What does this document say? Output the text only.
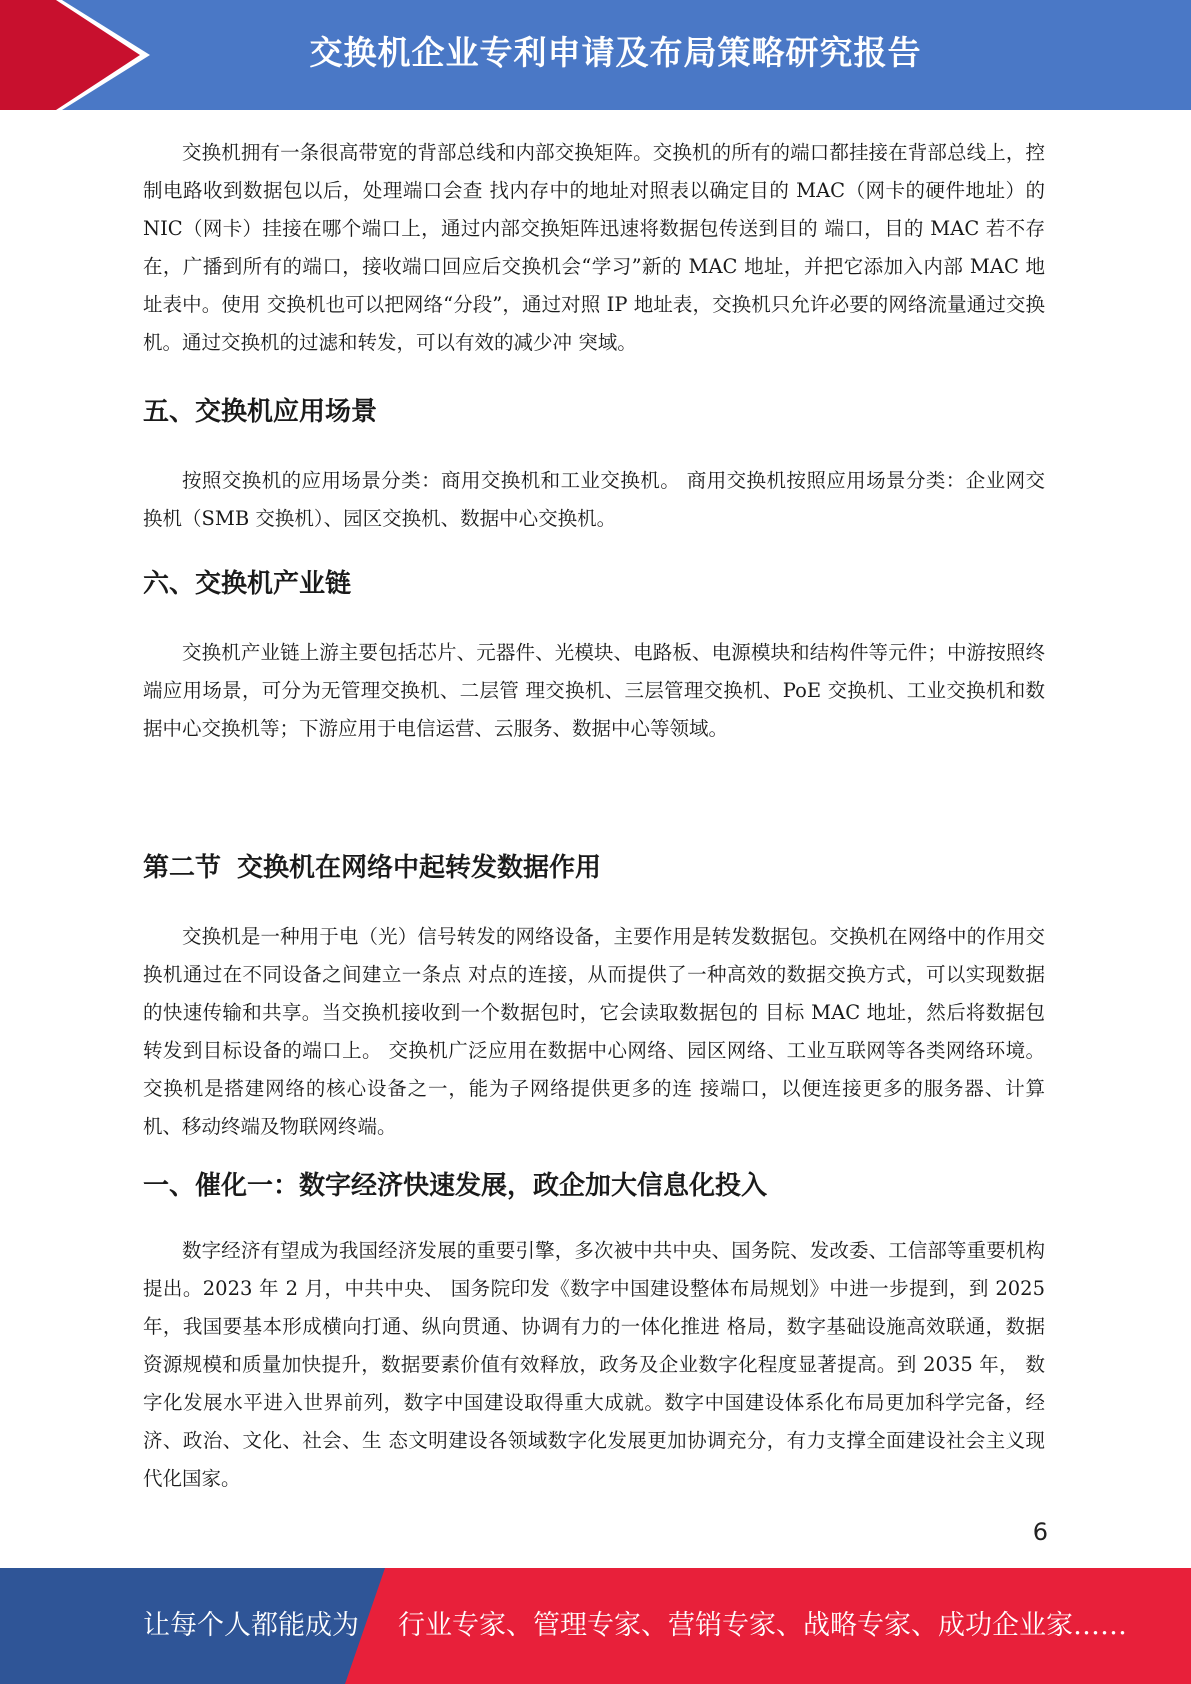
交换机企业专利申请及布局策略研究报告

交换机拥有一条很高带宽的背部总线和内部交换矩阵。交换机的所有的端口都挂接在背部总线上，控制电路收到数据包以后，处理端口会查 找内存中的地址对照表以确定目的 MAC（网卡的硬件地址）的 NIC（网卡）挂接在哪个端口上，通过内部交换矩阵迅速将数据包传送到目的 端口，目的 MAC 若不存在，广播到所有的端口，接收端口回应后交换机会“学习”新的 MAC 地址，并把它添加入内部 MAC 地址表中。使用 交换机也可以把网络“分段”，通过对照 IP 地址表，交换机只允许必要的网络流量通过交换机。通过交换机的过滤和转发，可以有效的减少冲 突域。

五、交换机应用场景

按照交换机的应用场景分类：商用交换机和工业交换机。 商用交换机按照应用场景分类：企业网交换机（SMB 交换机）、园区交换机、数据中心交换机。

六、交换机产业链

交换机产业链上游主要包括芯片、元器件、光模块、电路板、电源模块和结构件等元件；中游按照终端应用场景，可分为无管理交换机、二层管 理交换机、三层管理交换机、PoE 交换机、工业交换机和数据中心交换机等；下游应用于电信运营、云服务、数据中心等领域。

第二节 交换机在网络中起转发数据作用

交换机是一种用于电（光）信号转发的网络设备，主要作用是转发数据包。交换机在网络中的作用交换机通过在不同设备之间建立一条点 对点的连接，从而提供了一种高效的数据交换方式，可以实现数据的快速传输和共享。当交换机接收到一个数据包时，它会读取数据包的 目标 MAC 地址，然后将数据包转发到目标设备的端口上。 交换机广泛应用在数据中心网络、园区网络、工业互联网等各类网络环境。交换机是搭建网络的核心设备之一，能为子网络提供更多的连 接端口，以便连接更多的服务器、计算机、移动终端及物联网终端。

一、催化一：数字经济快速发展，政企加大信息化投入

数字经济有望成为我国经济发展的重要引擎，多次被中共中央、国务院、发改委、工信部等重要机构提出。2023 年 2 月，中共中央、 国务院印发《数字中国建设整体布局规划》中进一步提到，到 2025 年，我国要基本形成横向打通、纵向贯通、协调有力的一体化推进 格局，数字基础设施高效联通，数据资源规模和质量加快提升，数据要素价值有效释放，政务及企业数字化程度显著提高。到 2035 年， 数字化发展水平进入世界前列，数字中国建设取得重大成就。数字中国建设体系化布局更加科学完备，经济、政治、文化、社会、生 态文明建设各领域数字化发展更加协调充分，有力支撑全面建设社会主义现代化国家。

6
让每个人都能成为 行业专家、管理专家、营销专家、战略专家、成功企业家……
